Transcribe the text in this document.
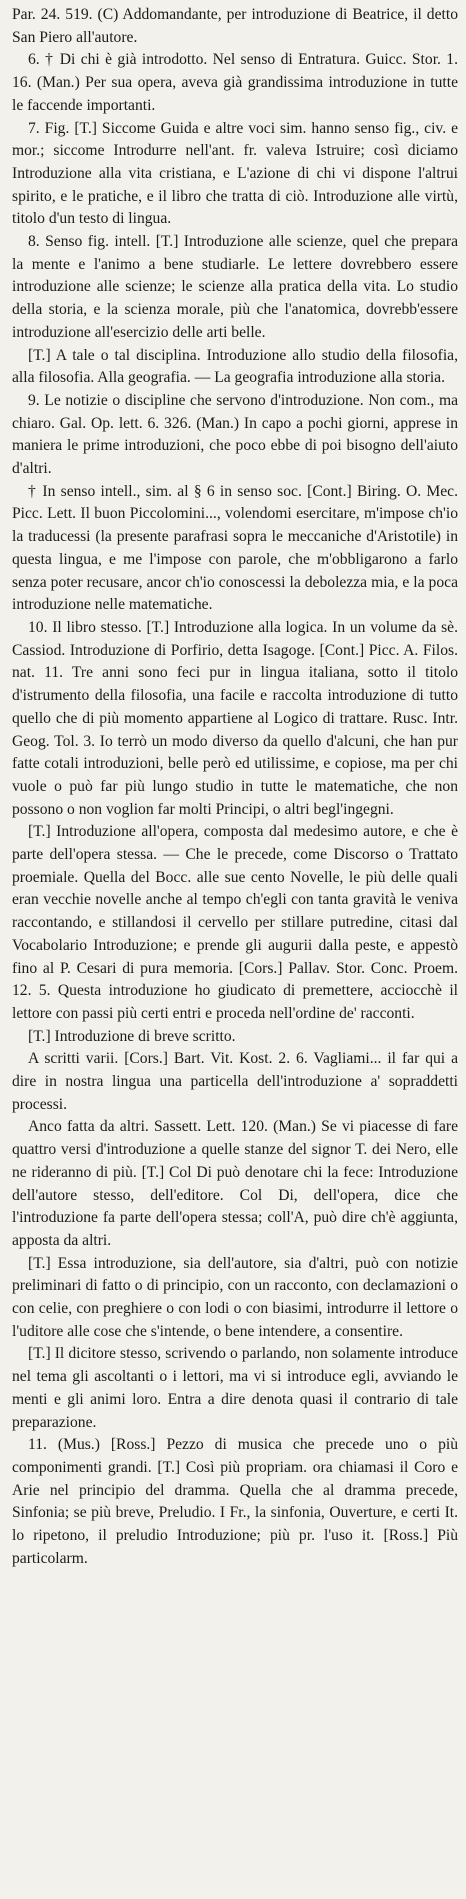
Par. 24. 519. (C) Addomandante, per introduzione di Beatrice, il detto San Piero all'autore.

6. † Di chi è già introdotto. Nel senso di Entratura. Guicc. Stor. 1. 16. (Man.) Per sua opera, aveva già grandissima introduzione in tutte le faccende importanti.

7. Fig. [T.] Siccome Guida e altre voci sim. hanno senso fig., civ. e mor.; siccome Introdurre nell'ant. fr. valeva Istruire; così diciamo Introduzione alla vita cristiana, e L'azione di chi vi dispone l'altrui spirito, e le pratiche, e il libro che tratta di ciò. Introduzione alle virtù, titolo d'un testo di lingua.

8. Senso fig. intell. [T.] Introduzione alle scienze, quel che prepara la mente e l'animo a bene studiarle. Le lettere dovrebbero essere introduzione alle scienze; le scienze alla pratica della vita. Lo studio della storia, e la scienza morale, più che l'anatomica, dovrebb'essere introduzione all'esercizio delle arti belle.

[T.] A tale o tal disciplina. Introduzione allo studio della filosofia, alla filosofia. Alla geografia. — La geografia introduzione alla storia.

9. Le notizie o discipline che servono d'introduzione. Non com., ma chiaro. Gal. Op. lett. 6. 326. (Man.) In capo a pochi giorni, apprese in maniera le prime introduzioni, che poco ebbe di poi bisogno dell'aiuto d'altri.

† In senso intell., sim. al § 6 in senso soc. [Cont.] Biring. O. Mec. Picc. Lett. Il buon Piccolomini..., volendomi esercitare, m'impose ch'io la traducessi (la presente parafrasi sopra le meccaniche d'Aristotile) in questa lingua, e me l'impose con parole, che m'obbligarono a farlo senza poter recusare, ancor ch'io conoscessi la debolezza mia, e la poca introduzione nelle matematiche.

10. Il libro stesso. [T.] Introduzione alla logica. In un volume da sè. Cassiod. Introduzione di Porfirio, detta Isagoge. [Cont.] Picc. A. Filos. nat. 11. Tre anni sono feci pur in lingua italiana, sotto il titolo d'istrumento della filosofia, una facile e raccolta introduzione di tutto quello che di più momento appartiene al Logico di trattare. Rusc. Intr. Geog. Tol. 3. Io terrò un modo diverso da quello d'alcuni, che han pur fatte cotali introduzioni, belle però ed utilissime, e copiose, ma per chi vuole o può far più lungo studio in tutte le matematiche, che non possono o non voglion far molti Principi, o altri begl'ingegni.

[T.] Introduzione all'opera, composta dal medesimo autore, e che è parte dell'opera stessa. — Che le precede, come Discorso o Trattato proemiale. Quella del Bocc. alle sue cento Novelle, le più delle quali eran vecchie novelle anche al tempo ch'egli con tanta gravità le veniva raccontando, e stillandosi il cervello per stillare putredine, citasi dal Vocabolario Introduzione; e prende gli augurii dalla peste, e appestò fino al P. Cesari di pura memoria. [Cors.] Pallav. Stor. Conc. Proem. 12. 5. Questa introduzione ho giudicato di premettere, acciocchè il lettore con passi più certi entri e proceda nell'ordine de' racconti.

[T.] Introduzione di breve scritto.

A scritti varii. [Cors.] Bart. Vit. Kost. 2. 6. Vagliami... il far qui a dire in nostra lingua una particella dell'introduzione a' sopraddetti processi.

Anco fatta da altri. Sassett. Lett. 120. (Man.) Se vi piacesse di fare quattro versi d'introduzione a quelle stanze del signor T. dei Nero, elle ne rideranno di più. [T.] Col Di può denotare chi la fece: Introduzione dell'autore stesso, dell'editore. Col Di, dell'opera, dice che l'introduzione fa parte dell'opera stessa; coll'A, può dire ch'è aggiunta, apposta da altri.

[T.] Essa introduzione, sia dell'autore, sia d'altri, può con notizie preliminari di fatto o di principio, con un racconto, con declamazioni o con celie, con preghiere o con lodi o con biasimi, introdurre il lettore o l'uditore alle cose che s'intende, o bene intendere, a consentire.

[T.] Il dicitore stesso, scrivendo o parlando, non solamente introduce nel tema gli ascoltanti o i lettori, ma vi si introduce egli, avviando le menti e gli animi loro. Entra a dire denota quasi il contrario di tale preparazione.

11. (Mus.) [Ross.] Pezzo di musica che precede uno o più componimenti grandi. [T.] Così più propriam. ora chiamasi il Coro e Arie nel principio del dramma. Quella che al dramma precede, Sinfonia; se più breve, Preludio. I Fr., la sinfonia, Ouverture, e certi It. lo ripetono, il preludio Introduzione; più pr. l'uso it. [Ross.] Più particolarm.
